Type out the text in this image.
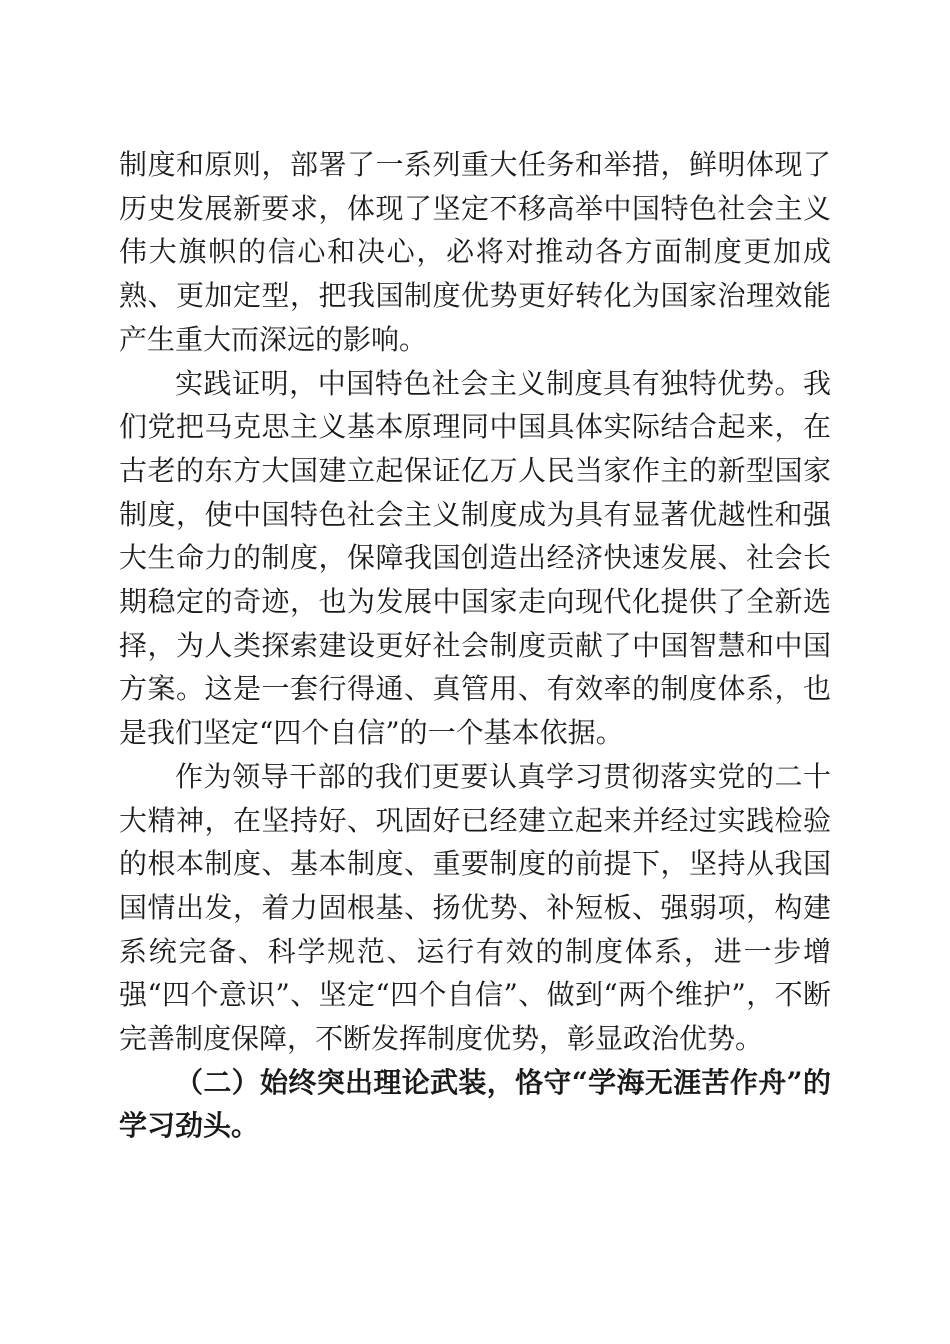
制度和原则，部署了一系列重大任务和举措，鲜明体现了历史发展新要求，体现了坚定不移高举中国特色社会主义伟大旗帜的信心和决心，必将对推动各方面制度更加成熟、更加定型，把我国制度优势更好转化为国家治理效能产生重大而深远的影响。

实践证明，中国特色社会主义制度具有独特优势。我们党把马克思主义基本原理同中国具体实际结合起来，在古老的东方大国建立起保证亿万人民当家作主的新型国家制度，使中国特色社会主义制度成为具有显著优越性和强大生命力的制度，保障我国创造出经济快速发展、社会长期稳定的奇迹，也为发展中国家走向现代化提供了全新选择，为人类探索建设更好社会制度贡献了中国智慧和中国方案。这是一套行得通、真管用、有效率的制度体系，也是我们坚定“四个自信”的一个基本依据。

作为领导干部的我们更要认真学习贯彻落实党的二十大精神，在坚持好、巩固好已经建立起来并经过实践检验的根本制度、基本制度、重要制度的前提下，坚持从我国国情出发，着力固根基、扬优势、补短板、强弱项，构建系统完备、科学规范、运行有效的制度体系，进一步增强“四个意识”、坚定“四个自信”、做到“两个维护”，不断完善制度保障，不断发挥制度优势，彰显政治优势。

（二）始终突出理论武装，恪守“学海无涯苦作舟”的学习劲头。
